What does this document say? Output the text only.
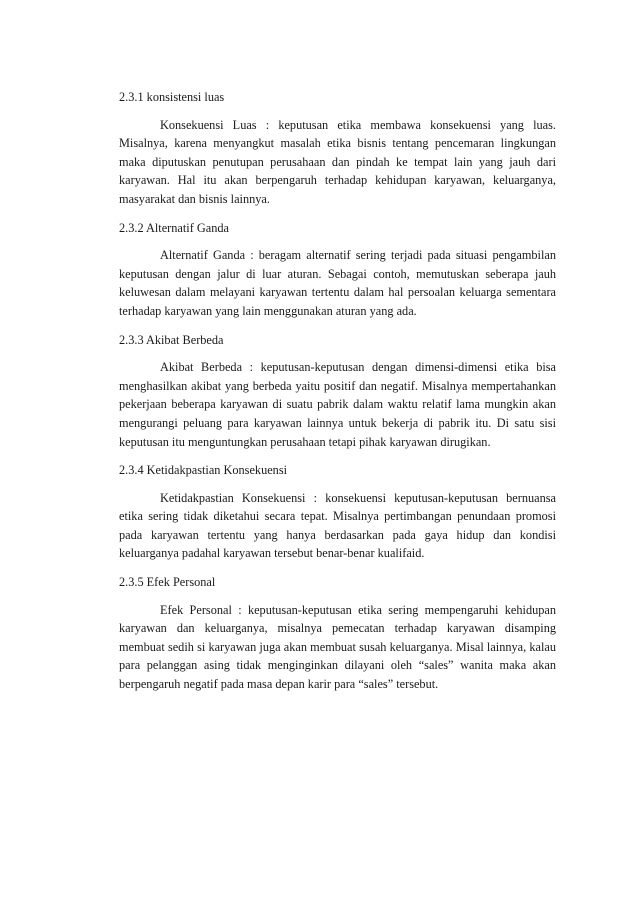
2.3.1 konsistensi luas

Konsekuensi Luas : keputusan etika membawa konsekuensi yang luas. Misalnya, karena menyangkut masalah etika bisnis tentang pencemaran lingkungan maka diputuskan penutupan perusahaan dan pindah ke tempat lain yang jauh dari karyawan. Hal itu akan berpengaruh terhadap kehidupan karyawan, keluarganya, masyarakat dan bisnis lainnya.

2.3.2 Alternatif Ganda

Alternatif Ganda : beragam alternatif sering terjadi pada situasi pengambilan keputusan dengan jalur di luar aturan. Sebagai contoh, memutuskan seberapa jauh keluwesan dalam melayani karyawan tertentu dalam hal persoalan keluarga sementara terhadap karyawan yang lain menggunakan aturan yang ada.

2.3.3 Akibat Berbeda

Akibat Berbeda : keputusan-keputusan dengan dimensi-dimensi etika bisa menghasilkan akibat yang berbeda yaitu positif dan negatif. Misalnya mempertahankan pekerjaan beberapa karyawan di suatu pabrik dalam waktu relatif lama mungkin akan mengurangi peluang para karyawan lainnya untuk bekerja di pabrik itu. Di satu sisi keputusan itu menguntungkan perusahaan tetapi pihak karyawan dirugikan.

2.3.4 Ketidakpastian Konsekuensi

Ketidakpastian Konsekuensi : konsekuensi keputusan-keputusan bernuansa etika sering tidak diketahui secara tepat. Misalnya pertimbangan penundaan promosi pada karyawan tertentu yang hanya berdasarkan pada gaya hidup dan kondisi keluarganya padahal karyawan tersebut benar-benar kualifaid.

2.3.5 Efek Personal

Efek Personal : keputusan-keputusan etika sering mempengaruhi kehidupan karyawan dan keluarganya, misalnya pemecatan terhadap karyawan disamping membuat sedih si karyawan juga akan membuat susah keluarganya. Misal lainnya, kalau para pelanggan asing tidak menginginkan dilayani oleh “sales” wanita maka akan berpengaruh negatif pada masa depan karir para “sales” tersebut.
